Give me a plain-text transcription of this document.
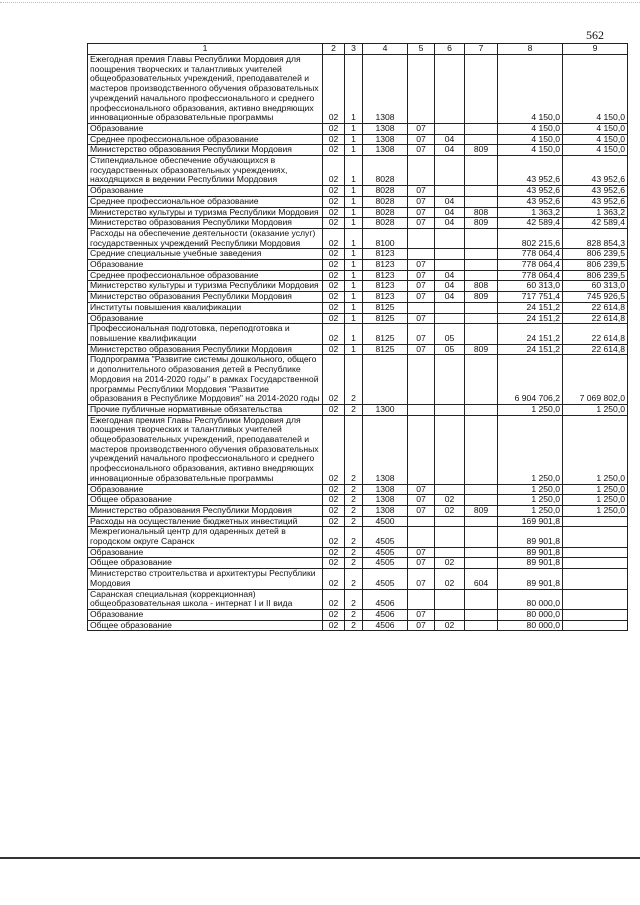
562
1	2	3	4	5	6	7	8	9
Ежегодная премия Главы Республики Мордовия для поощрения творческих и талантливых учителей общеобразовательных учреждений, преподавателей и мастеров производственного обучения образовательных учреждений начального профессионального и среднего профессионального образования, активно внедряющих инновационные образовательные программы	02	1	1308				4 150,0	4 150,0
Образование	02	1	1308	07			4 150,0	4 150,0
Среднее профессиональное образование	02	1	1308	07	04		4 150,0	4 150,0
Министерство образования Республики Мордовия	02	1	1308	07	04	809	4 150,0	4 150,0
Стипендиальное обеспечение обучающихся в государственных образовательных учреждениях, находящихся в ведении Республики Мордовия	02	1	8028				43 952,6	43 952,6
Образование	02	1	8028	07			43 952,6	43 952,6
Среднее профессиональное образование	02	1	8028	07	04		43 952,6	43 952,6
Министерство культуры и туризма Республики Мордовия	02	1	8028	07	04	808	1 363,2	1 363,2
Министерство образования Республики Мордовия	02	1	8028	07	04	809	42 589,4	42 589,4
Расходы на обеспечение деятельности (оказание услуг) государственных учреждений Республики Мордовия	02	1	8100				802 215,6	828 854,3
Средние специальные учебные заведения	02	1	8123				778 064,4	806 239,5
Образование	02	1	8123	07			778 064,4	806 239,5
Среднее профессиональное образование	02	1	8123	07	04		778 064,4	806 239,5
Министерство культуры и туризма Республики Мордовия	02	1	8123	07	04	808	60 313,0	60 313,0
Министерство образования Республики Мордовия	02	1	8123	07	04	809	717 751,4	745 926,5
Институты повышения квалификации	02	1	8125				24 151,2	22 614,8
Образование	02	1	8125	07			24 151,2	22 614,8
Профессиональная подготовка, переподготовка и повышение квалификации	02	1	8125	07	05		24 151,2	22 614,8
Министерство образования Республики Мордовия	02	1	8125	07	05	809	24 151,2	22 614,8
Подпрограмма "Развитие системы дошкольного, общего и дополнительного образования детей в Республике Мордовия на 2014-2020 годы" в рамках Государственной программы Республики Мордовия "Развитие образования в Республике Мордовия" на 2014-2020 годы	02	2					6 904 706,2	7 069 802,0
Прочие публичные нормативные обязательства	02	2	1300				1 250,0	1 250,0
Ежегодная премия Главы Республики Мордовия для поощрения творческих и талантливых учителей общеобразовательных учреждений, преподавателей и мастеров производственного обучения образовательных учреждений начального профессионального и среднего профессионального образования, активно внедряющих инновационные образовательные программы	02	2	1308				1 250,0	1 250,0
Образование	02	2	1308	07			1 250,0	1 250,0
Общее образование	02	2	1308	07	02		1 250,0	1 250,0
Министерство образования Республики Мордовия	02	2	1308	07	02	809	1 250,0	1 250,0
Расходы на осуществление бюджетных инвестиций	02	2	4500				169 901,8	
Межрегиональный центр для одаренных детей в городском округе Саранск	02	2	4505				89 901,8	
Образование	02	2	4505	07			89 901,8	
Общее образование	02	2	4505	07	02		89 901,8	
Министерство строительства и архитектуры Республики Мордовия	02	2	4505	07	02	604	89 901,8	
Саранская специальная (коррекционная) общеобразовательная школа - интернат I и II вида	02	2	4506				80 000,0	
Образование	02	2	4506	07			80 000,0	
Общее образование	02	2	4506	07	02		80 000,0	
